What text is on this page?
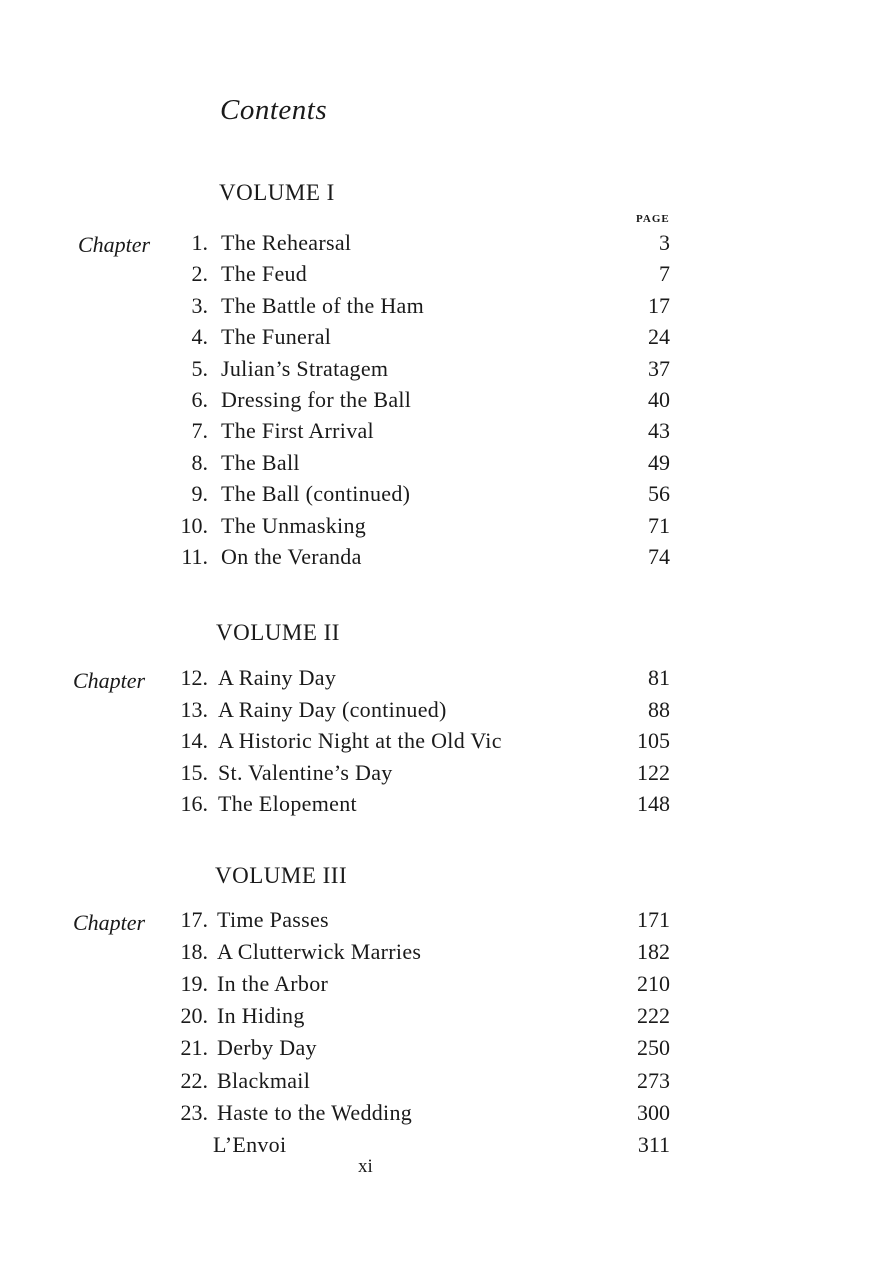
Contents
PAGE
VOLUME I
Chapter 1. The Rehearsal	3
2. The Feud	7
3. The Battle of the Ham	17
4. The Funeral	24
5. Julian’s Stratagem	37
6. Dressing for the Ball	40
7. The First Arrival	43
8. The Ball	49
9. The Ball (continued)	56
10. The Unmasking	71
11. On the Veranda	74
VOLUME II
Chapter 12. A Rainy Day	81
13. A Rainy Day (continued)	88
14. A Historic Night at the Old Vic	105
15. St. Valentine’s Day	122
16. The Elopement	148
VOLUME III
Chapter 17. Time Passes	171
18. A Clutterwick Marries	182
19. In the Arbor	210
20. In Hiding	222
21. Derby Day	250
22. Blackmail	273
23. Haste to the Wedding	300
L’Envoi	311
xi
